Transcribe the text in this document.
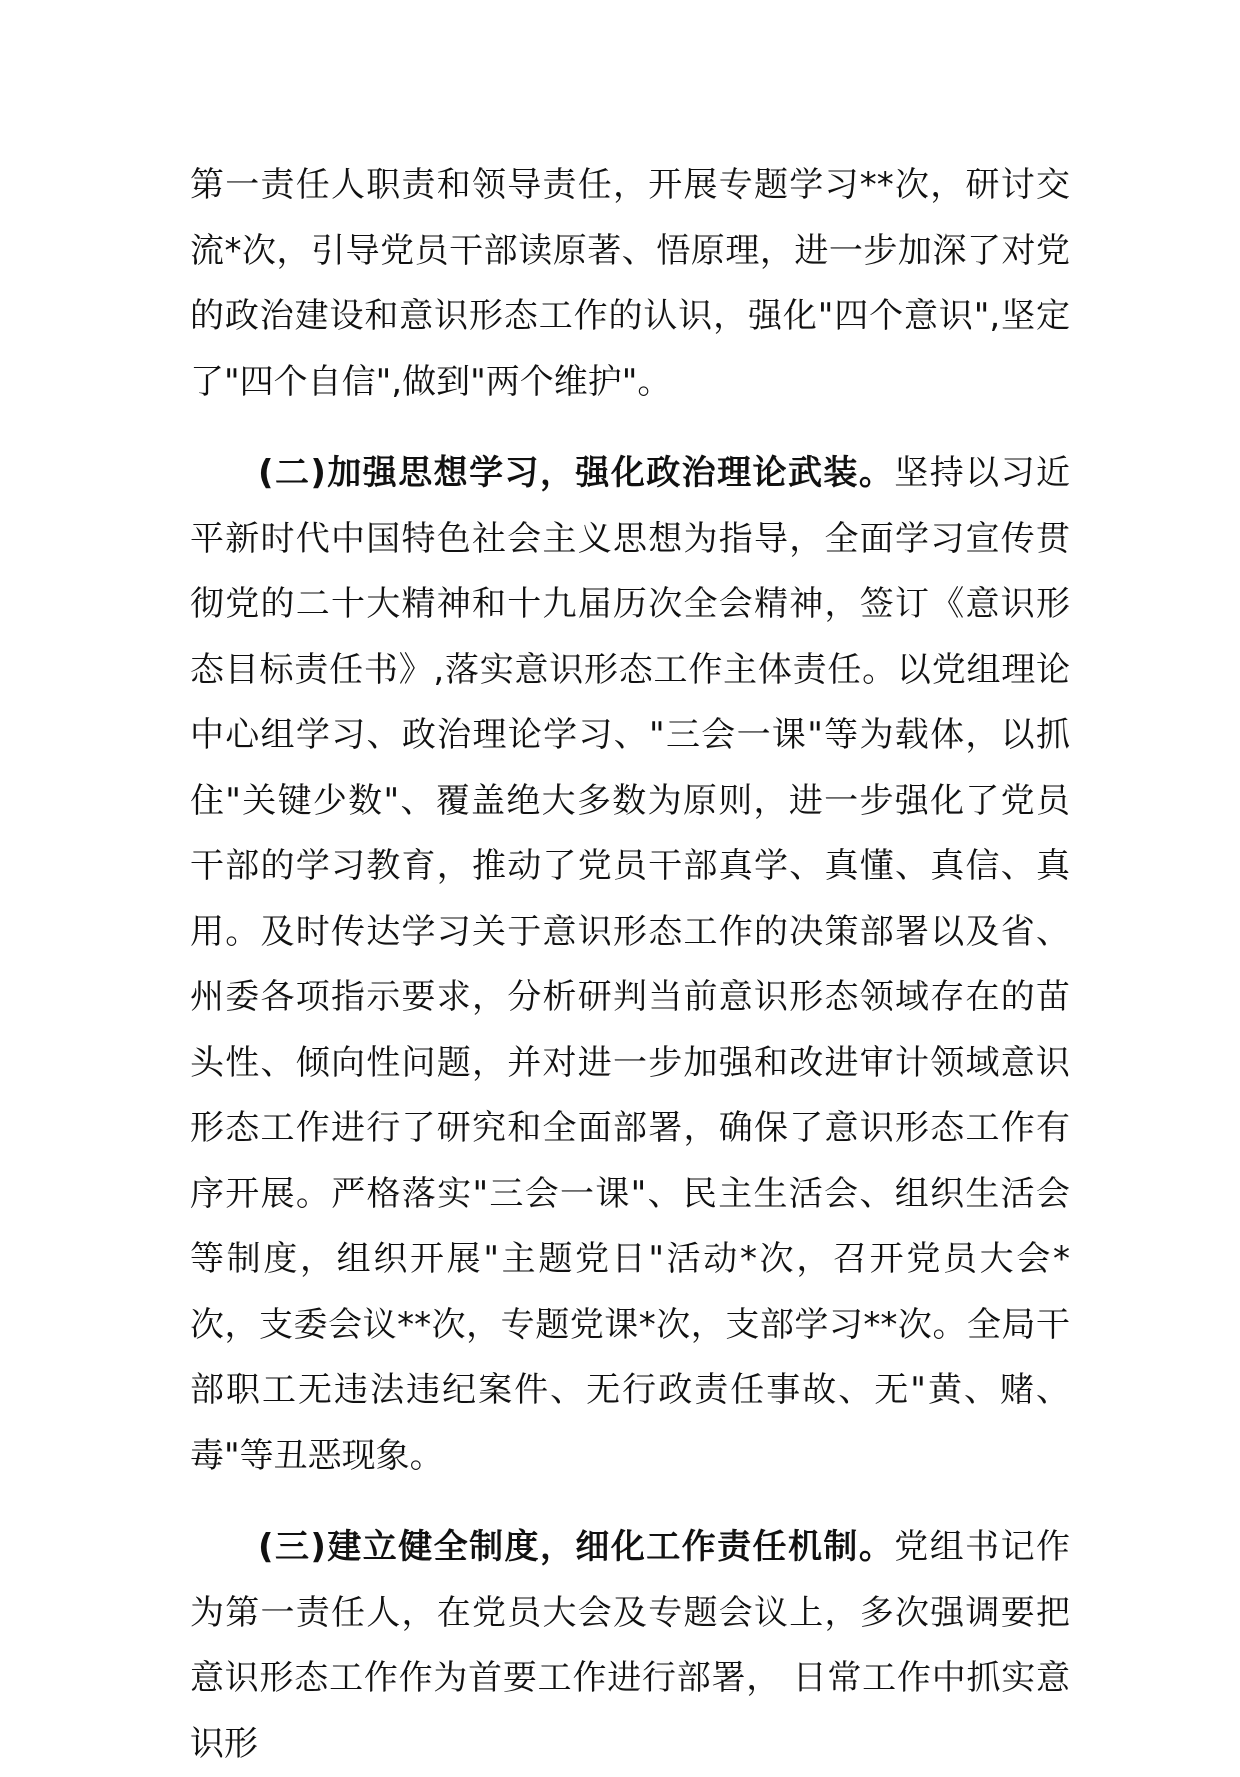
第一责任人职责和领导责任，开展专题学习**次，研讨交流*次，引导党员干部读原著、悟原理，进一步加深了对党的政治建设和意识形态工作的认识，强化"四个意识",坚定了"四个自信",做到"两个维护"。

(二)加强思想学习，强化政治理论武装。坚持以习近平新时代中国特色社会主义思想为指导，全面学习宣传贯彻党的二十大精神和十九届历次全会精神，签订《意识形态目标责任书》,落实意识形态工作主体责任。以党组理论中心组学习、政治理论学习、"三会一课"等为载体，以抓住"关键少数"、覆盖绝大多数为原则，进一步强化了党员干部的学习教育，推动了党员干部真学、真懂、真信、真用。及时传达学习关于意识形态工作的决策部署以及省、州委各项指示要求，分析研判当前意识形态领域存在的苗头性、倾向性问题，并对进一步加强和改进审计领域意识形态工作进行了研究和全面部署，确保了意识形态工作有序开展。严格落实"三会一课"、民主生活会、组织生活会等制度，组织开展"主题党日"活动*次，召开党员大会*次，支委会议**次，专题党课*次，支部学习**次。全局干部职工无违法违纪案件、无行政责任事故、无"黄、赌、毒"等丑恶现象。

(三)建立健全制度，细化工作责任机制。党组书记作为第一责任人，在党员大会及专题会议上，多次强调要把意识形态工作作为首要工作进行部署， 日常工作中抓实意识形
